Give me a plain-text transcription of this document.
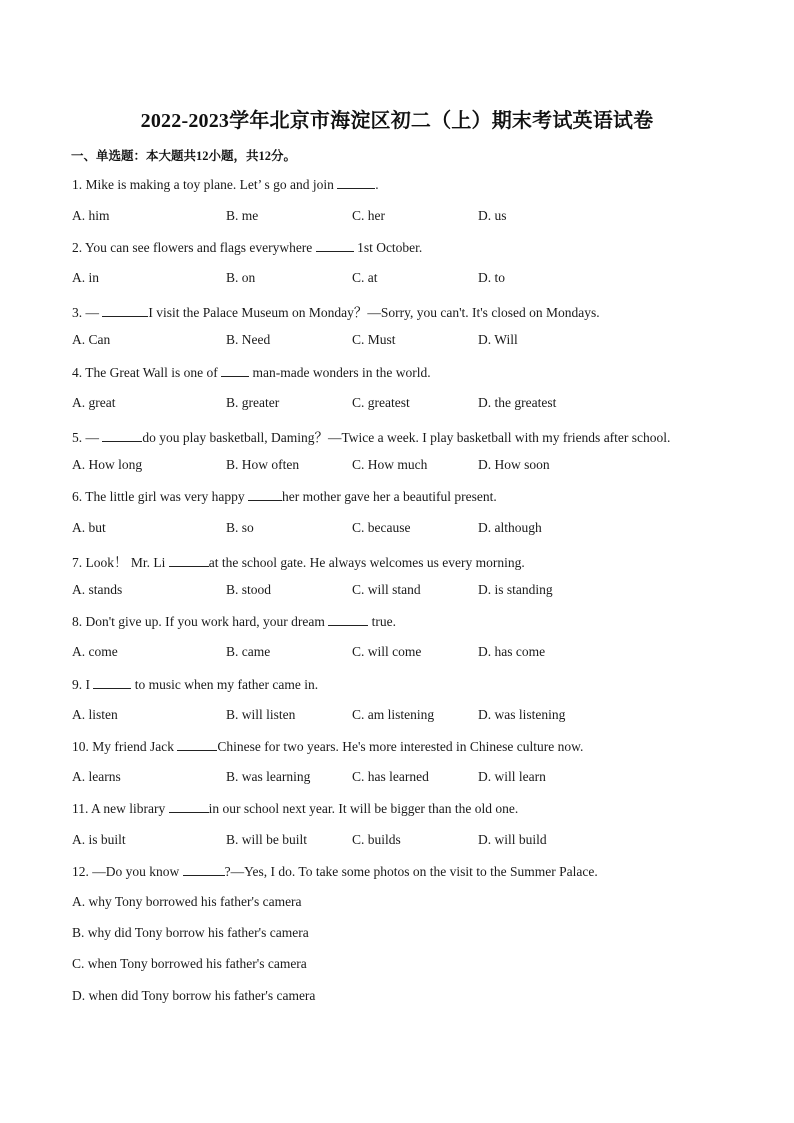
2022-2023学年北京市海淀区初二（上）期末考试英语试卷
一、单选题：本大题共12小题，共12分。
1. Mike is making a toy plane. Let’ s go and join	.
A. him	B. me	C. her	D. us
2. You can see flowers and flags everywhere	1st October.
A. in	B. on	C. at	D. to
3. —	I visit the Palace Museum on Monday？—Sorry, you can't. It's closed on Mondays.
A. Can	B. Need	C. Must	D. Will
4. The Great Wall is one of  man-made wonders in the world.
A. great	B. greater	C. greatest	D. the greatest
5. —	do you play basketball, Daming？—Twice a week. I play basketball with my friends after school.
A. How long	B. How often	C. How much	D. How soon
6. The little girl was very happy	her mother gave her a beautiful present.
A. but	B. so	C. because	D. although
7. Look！ Mr. Li	at the school gate. He always welcomes us every morning.
A. stands	B. stood	C. will stand	D. is standing
8. Don't give up. If you work hard, your dream	true.
A. come	B. came	C. will come	D. has come
9. I	to music when my father came in.
A. listen	B. will listen	C. am listening	D. was listening
10. My friend Jack	Chinese for two years. He's more interested in Chinese culture now.
A. learns	B. was learning	C. has learned	D. will learn
11. A new library	in our school next year. It will be bigger than the old one.
A. is built	B. will be built	C. builds	D. will build
12. —Do you know	?—Yes, I do. To take some photos on the visit to the Summer Palace.
A. why Tony borrowed his father's camera
B. why did Tony borrow his father's camera
C. when Tony borrowed his father's camera
D. when did Tony borrow his father's camera
